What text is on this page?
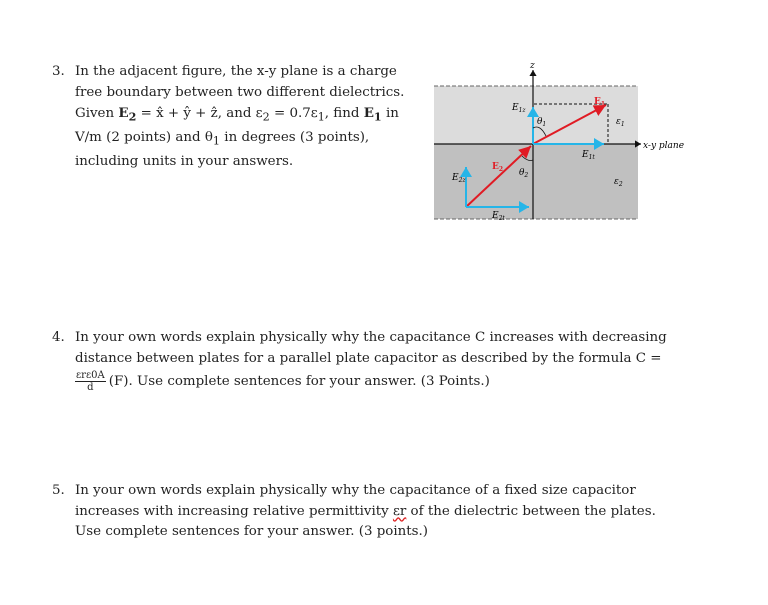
3. In the adjacent figure, the x-y plane is a charge
free boundary between two different dielectrics.
Given $E_2$ = x̂ + ŷ + ẑ, and $\varepsilon_2 = 0.7\varepsilon_1$, find $E_1$ in
V/m (2 points) and $\theta_1$ in degrees (3 points),
including units in your answers.
z
$E_{1z}$
$E_1$
$\theta_1$	$\varepsilon_1$
$E_{1t}$
x-y plane
$E_2$ $\theta_2$
$E_{2z}$	$\varepsilon_2$
$E_{2t}$
4. In your own words explain physically why the capacitance C increases with decreasing
distance between plates for a parallel plate capacitor as described by the formula C =
$\frac{\text{εrε0A}}{d} (F)$. Use complete sentences for your answer. (3 Points.)
5. In your own words explain physically why the capacitance of a fixed size capacitor
increases with increasing relative permittivity εr of the dielectric between the plates.
Use complete sentences for your answer. (3 points.)
